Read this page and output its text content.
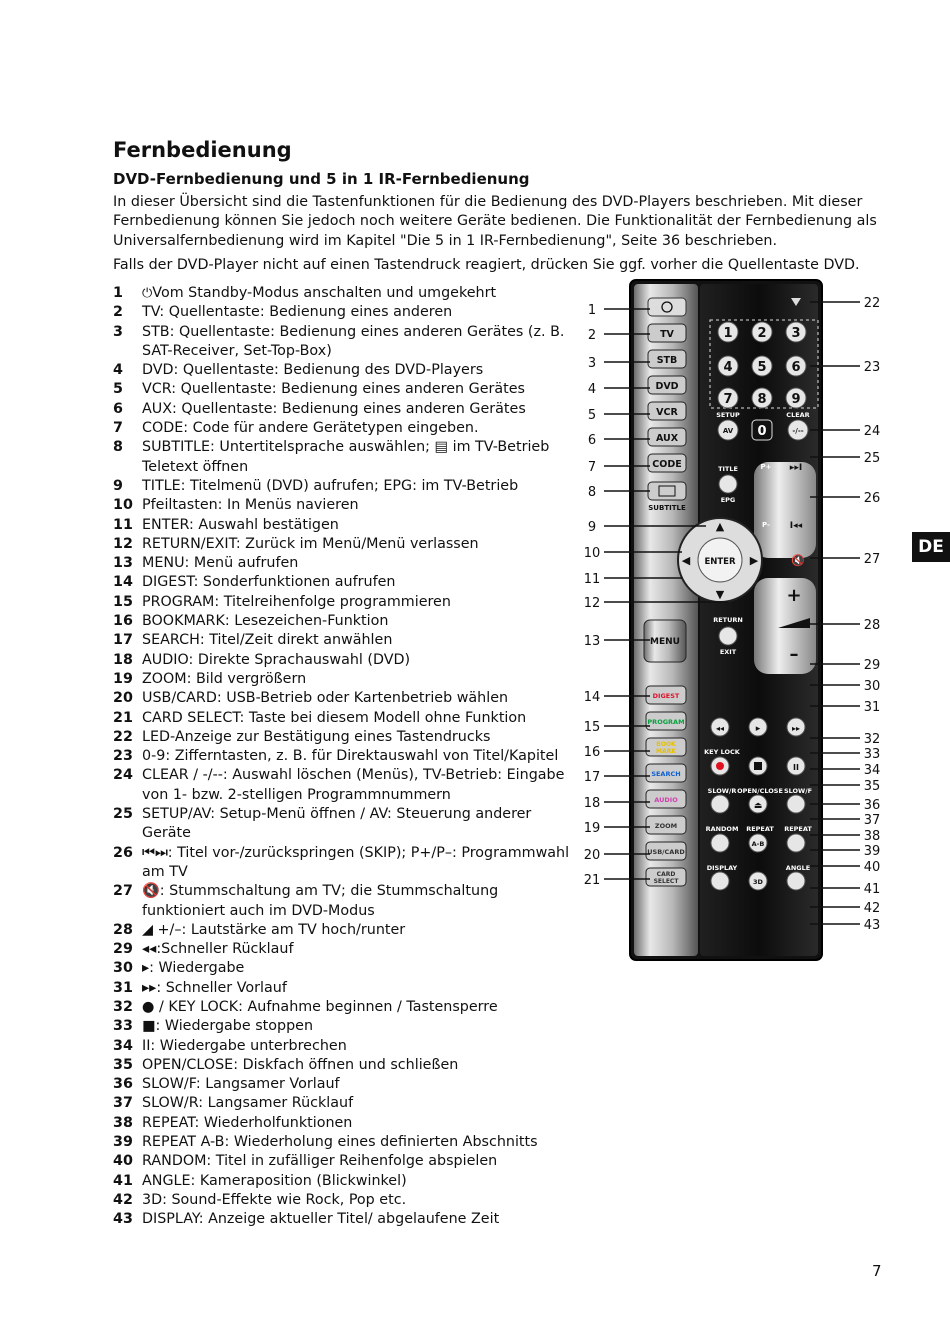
Fernbedienung
DVD-Fernbedienung und 5 in 1 IR-Fernbedienung

In dieser Übersicht sind die Tastenfunktionen für die Bedienung des DVD-Players beschrieben. Mit dieser Fernbedienung können Sie jedoch noch weitere Geräte bedienen. Die Funktionalität der Fernbedienung als Universalfernbedienung wird im Kapitel "Die 5 in 1 IR-Fernbedienung", Seite 36 beschrieben.

Falls der DVD-Player nicht auf einen Tastendruck reagiert, drücken Sie ggf. vorher die Quellentaste DVD.

1	⏻Vom Standby-Modus anschalten und umgekehrt
2	TV: Quellentaste: Bedienung eines anderen
3	STB: Quellentaste: Bedienung eines anderen Gerätes (z. B. SAT-Receiver, Set-Top-Box)
4	DVD: Quellentaste: Bedienung des DVD-Players
5	VCR: Quellentaste: Bedienung eines anderen Gerätes
6	AUX: Quellentaste: Bedienung eines anderen Gerätes
7	CODE: Code für andere Gerätetypen eingeben.
8	SUBTITLE: Untertitelsprache auswählen; ▤ im TV-Betrieb Teletext öffnen
9	TITLE: Titelmenü (DVD) aufrufen; EPG: im TV-Betrieb
10 Pfeiltasten: In Menüs navieren
11 ENTER: Auswahl bestätigen
12 RETURN/EXIT: Zurück im Menü/Menü verlassen
13 MENU: Menü aufrufen
14 DIGEST: Sonderfunktionen aufrufen
15 PROGRAM: Titelreihenfolge programmieren
16 BOOKMARK: Lesezeichen-Funktion
17 SEARCH: Titel/Zeit direkt anwählen
18 AUDIO: Direkte Sprachauswahl (DVD)
19 ZOOM: Bild vergrößern
20 USB/CARD: USB-Betrieb oder Kartenbetrieb wählen
21 CARD SELECT: Taste bei diesem Modell ohne Funktion
22 LED-Anzeige zur Bestätigung eines Tastendrucks
23 0-9: Zifferntasten, z. B. für Direktauswahl von Titel/Kapitel
24 CLEAR / -/--: Auswahl löschen (Menüs), TV-Betrieb: Eingabe von 1- bzw. 2-stelligen Programmnummern
25 SETUP/AV: Setup-Menü öffnen / AV: Steuerung anderer Geräte
26 ⏮⏭: Titel vor-/zurückspringen (SKIP); P+/P–: Programmwahl am TV
27 🔇: Stummschaltung am TV; die Stummschaltung funktioniert auch im DVD-Modus
28 ◢ +/–: Lautstärke am TV hoch/runter
29 ◂◂:Schneller Rücklauf
30 ▸: Wiedergabe
31 ▸▸: Schneller Vorlauf
32 ● / KEY LOCK: Aufnahme beginnen / Tastensperre
33 ■: Wiedergabe stoppen
34 II: Wiedergabe unterbrechen
35 OPEN/CLOSE: Diskfach öffnen und schließen
36 SLOW/F: Langsamer Vorlauf
37 SLOW/R: Langsamer Rücklauf
38 REPEAT: Wiederholfunktionen
39 REPEAT A-B: Wiederholung eines definierten Abschnitts
40 RANDOM: Titel in zufälliger Reihenfolge abspielen
41 ANGLE: Kameraposition (Blickwinkel)
42 3D: Sound-Effekte wie Rock, Pop etc.
43 DISPLAY: Anzeige aktueller Titel/ abgelaufene Zeit
DE
7
TV
STB
DVD
VCR
AUX
CODE
SUBTITLE
1 2 3
4 5 6
7 8 9
SETUP	CLEAR
AV 0	-/--
TITLE	P+
EPG
▸▸I
P- I◂◂
ENTER
▲
▼
◀	▶	🔇
RETURN
EXIT
MENU
+
–
DIGEST
PROGRAM
BOOK
MARK
SEARCH
AUDIO
ZOOM
USB/CARD
CARD
SELECT
◂◂	▸	▸▸
KEY LOCK
II
SLOW/R OPEN/CLOSE SLOW/F
⏏
RANDOM REPEAT REPEAT
A-B
DISPLAY	ANGLE
3D
1
2
3
4
5
6
7
8
9
10
11
12
13
14
15
16
17
18
19
20
21
22
23
24
25
26
27
28
29
30
31
32
33
34
35
36
37
38
39
40
41
42
43
